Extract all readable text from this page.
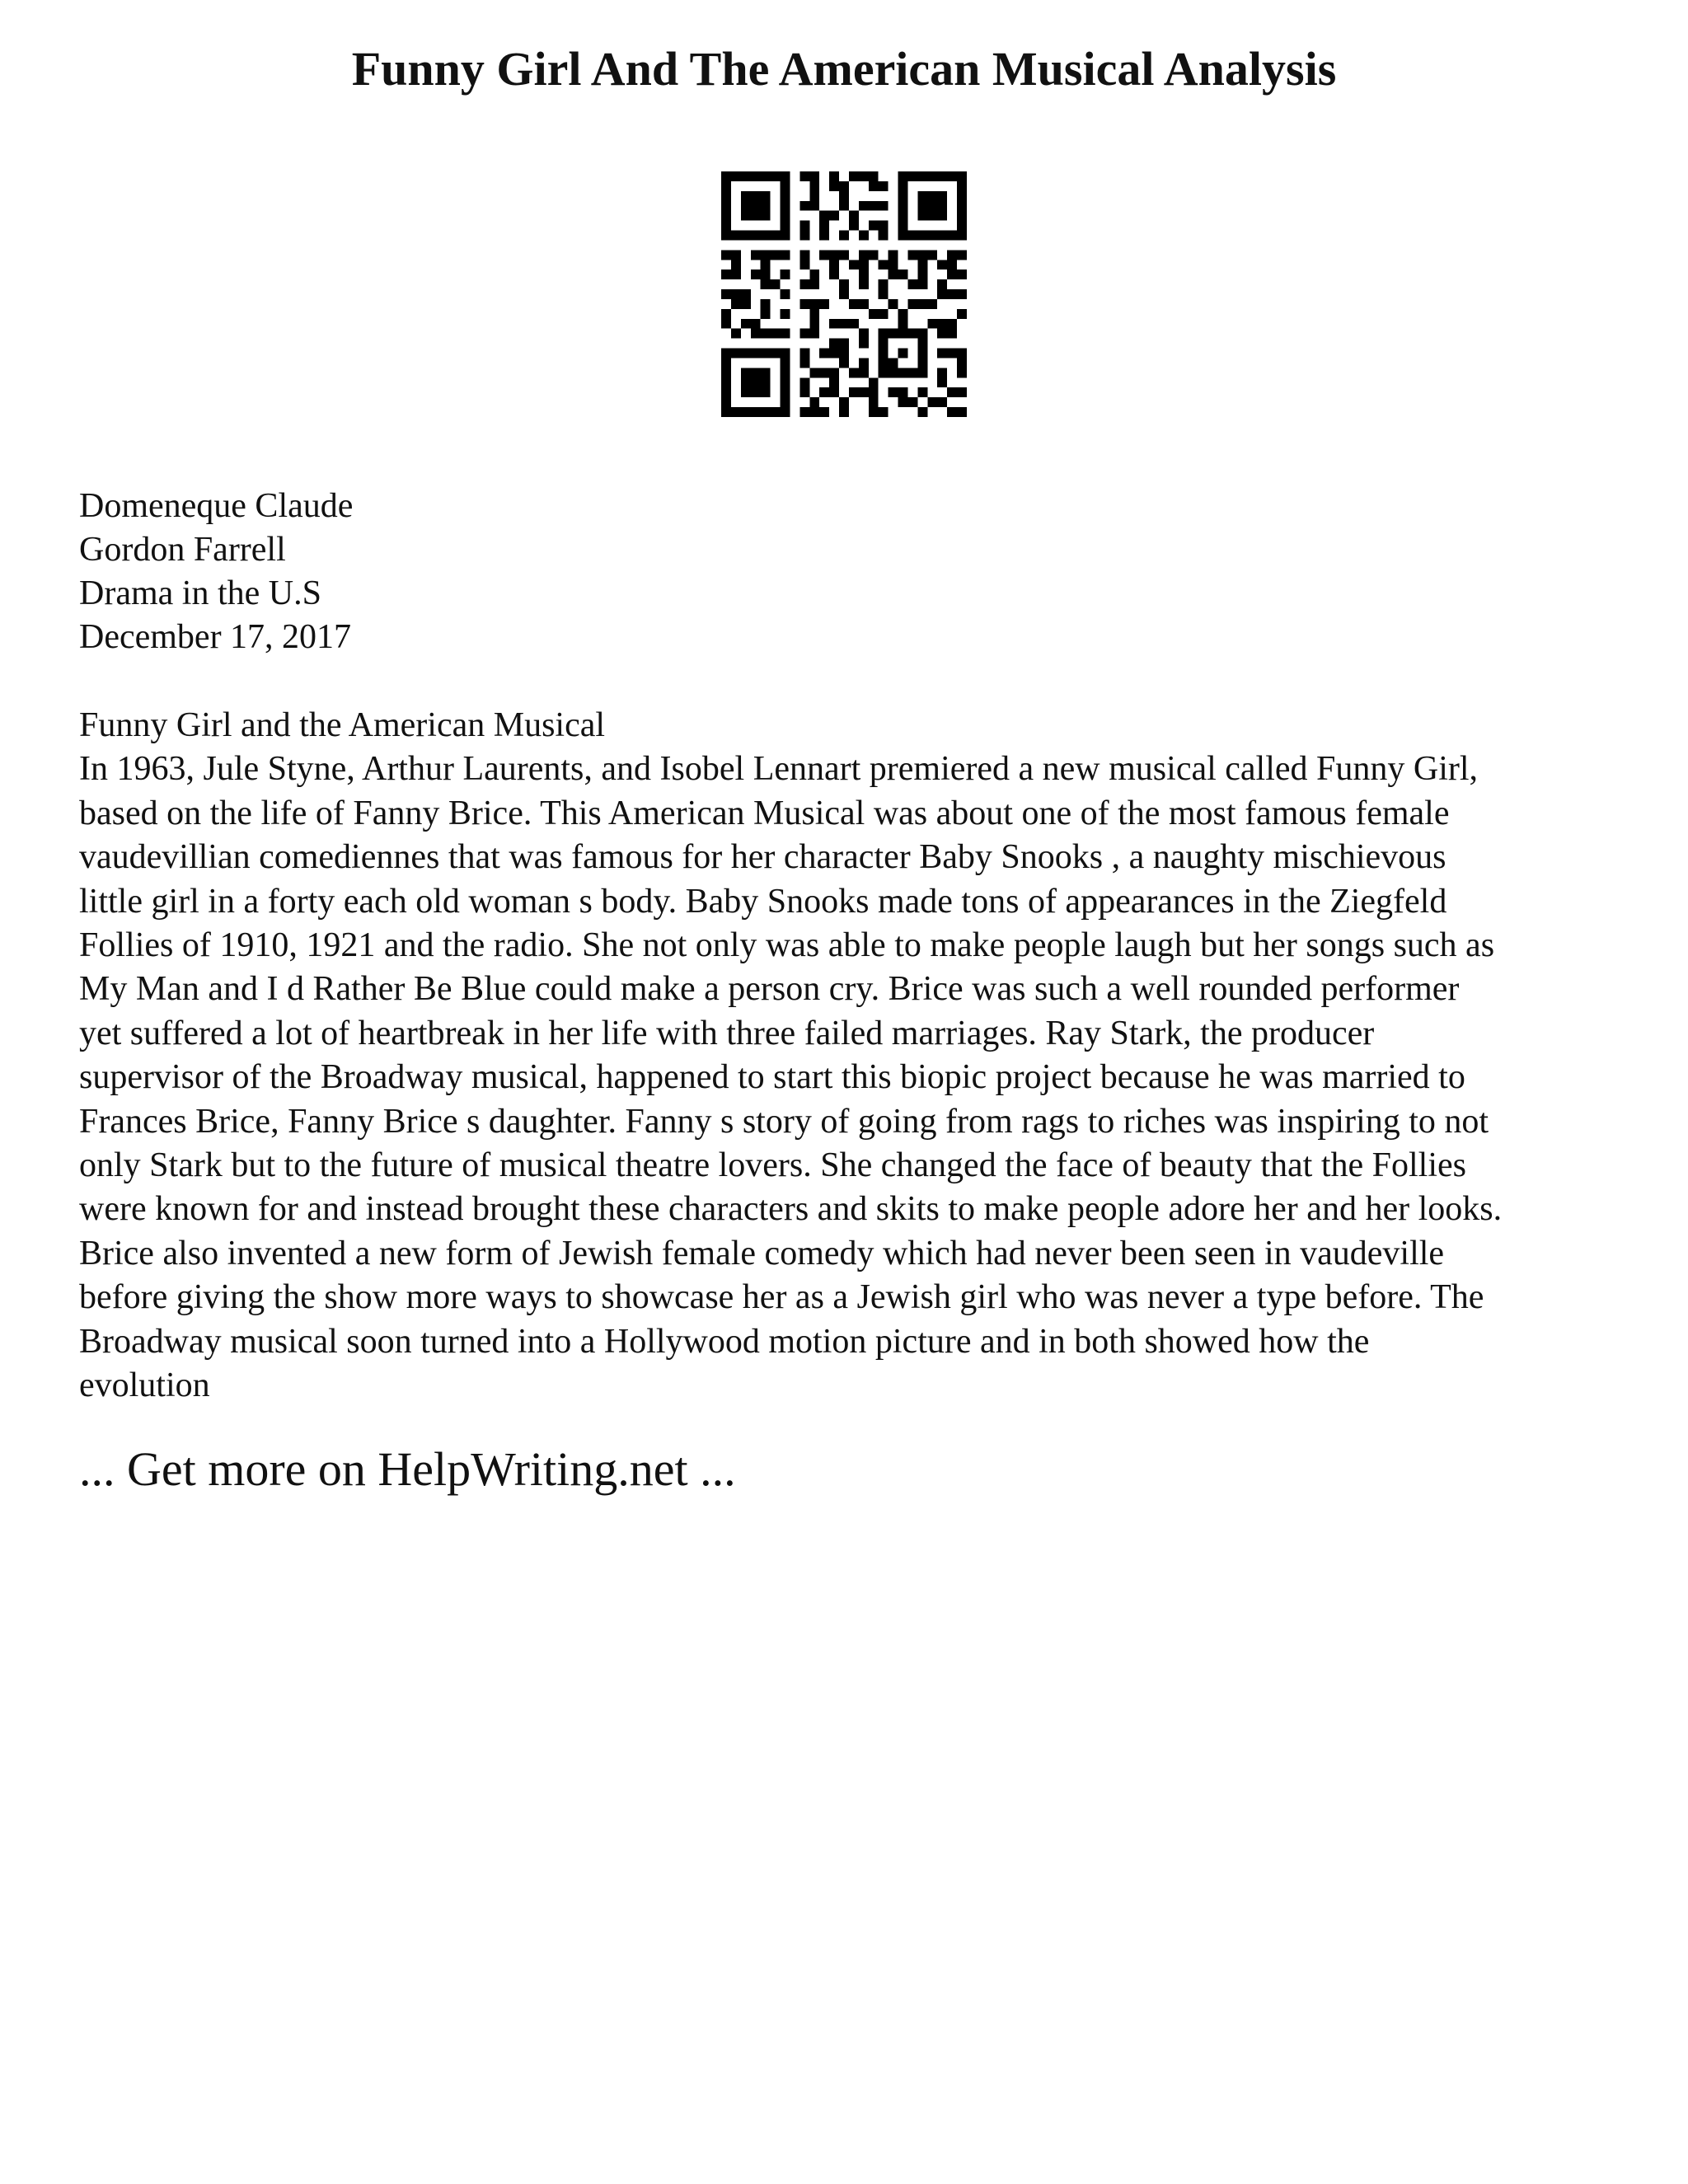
Funny Girl And The American Musical Analysis
Domeneque Claude
Gordon Farrell
Drama in the U.S
December 17, 2017
Funny Girl and the American Musical

In 1963, Jule Styne, Arthur Laurents, and Isobel Lennart premiered a new musical called Funny Girl,
based on the life of Fanny Brice. This American Musical was about one of the most famous female
vaudevillian comediennes that was famous for her character Baby Snooks , a naughty mischievous
little girl in a forty each old woman s body. Baby Snooks made tons of appearances in the Ziegfeld
Follies of 1910, 1921 and the radio. She not only was able to make people laugh but her songs such as
My Man and I d Rather Be Blue could make a person cry. Brice was such a well rounded performer
yet suffered a lot of heartbreak in her life with three failed marriages. Ray Stark, the producer
supervisor of the Broadway musical, happened to start this biopic project because he was married to
Frances Brice, Fanny Brice s daughter. Fanny s story of going from rags to riches was inspiring to not
only Stark but to the future of musical theatre lovers. She changed the face of beauty that the Follies
were known for and instead brought these characters and skits to make people adore her and her looks.
Brice also invented a new form of Jewish female comedy which had never been seen in vaudeville
before giving the show more ways to showcase her as a Jewish girl who was never a type before. The
Broadway musical soon turned into a Hollywood motion picture and in both showed how the
evolution

... Get more on HelpWriting.net ...
